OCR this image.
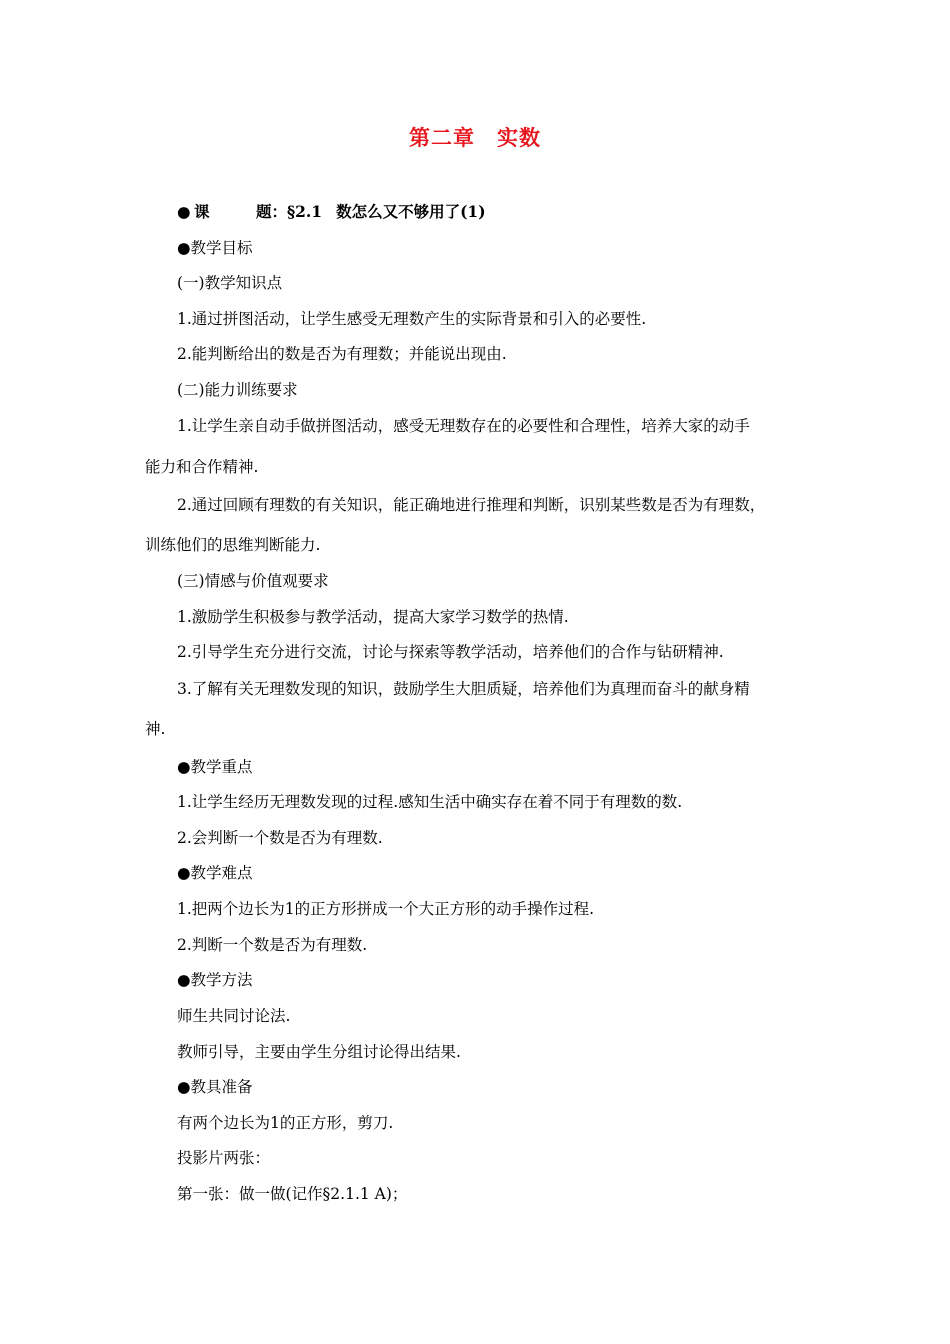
第二章 实数
● 课	题：§2.1 数怎么又不够用了(1)
●教学目标
(一)教学知识点
1.通过拼图活动，让学生感受无理数产生的实际背景和引入的必要性.
2.能判断给出的数是否为有理数；并能说出现由.
(二)能力训练要求
1.让学生亲自动手做拼图活动，感受无理数存在的必要性和合理性，培养大家的动手
能力和合作精神.
2.通过回顾有理数的有关知识，能正确地进行推理和判断，识别某些数是否为有理数，
训练他们的思维判断能力.
(三)情感与价值观要求
1.激励学生积极参与教学活动，提高大家学习数学的热情.
2.引导学生充分进行交流，讨论与探索等教学活动，培养他们的合作与钻研精神.
3.了解有关无理数发现的知识，鼓励学生大胆质疑，培养他们为真理而奋斗的献身精
神.
●教学重点
1.让学生经历无理数发现的过程.感知生活中确实存在着不同于有理数的数.
2.会判断一个数是否为有理数.
●教学难点
1.把两个边长为1的正方形拼成一个大正方形的动手操作过程.
2.判断一个数是否为有理数.
●教学方法
师生共同讨论法.
教师引导，主要由学生分组讨论得出结果.
●教具准备
有两个边长为1的正方形，剪刀.
投影片两张：
第一张：做一做(记作§2.1.1 A)；
